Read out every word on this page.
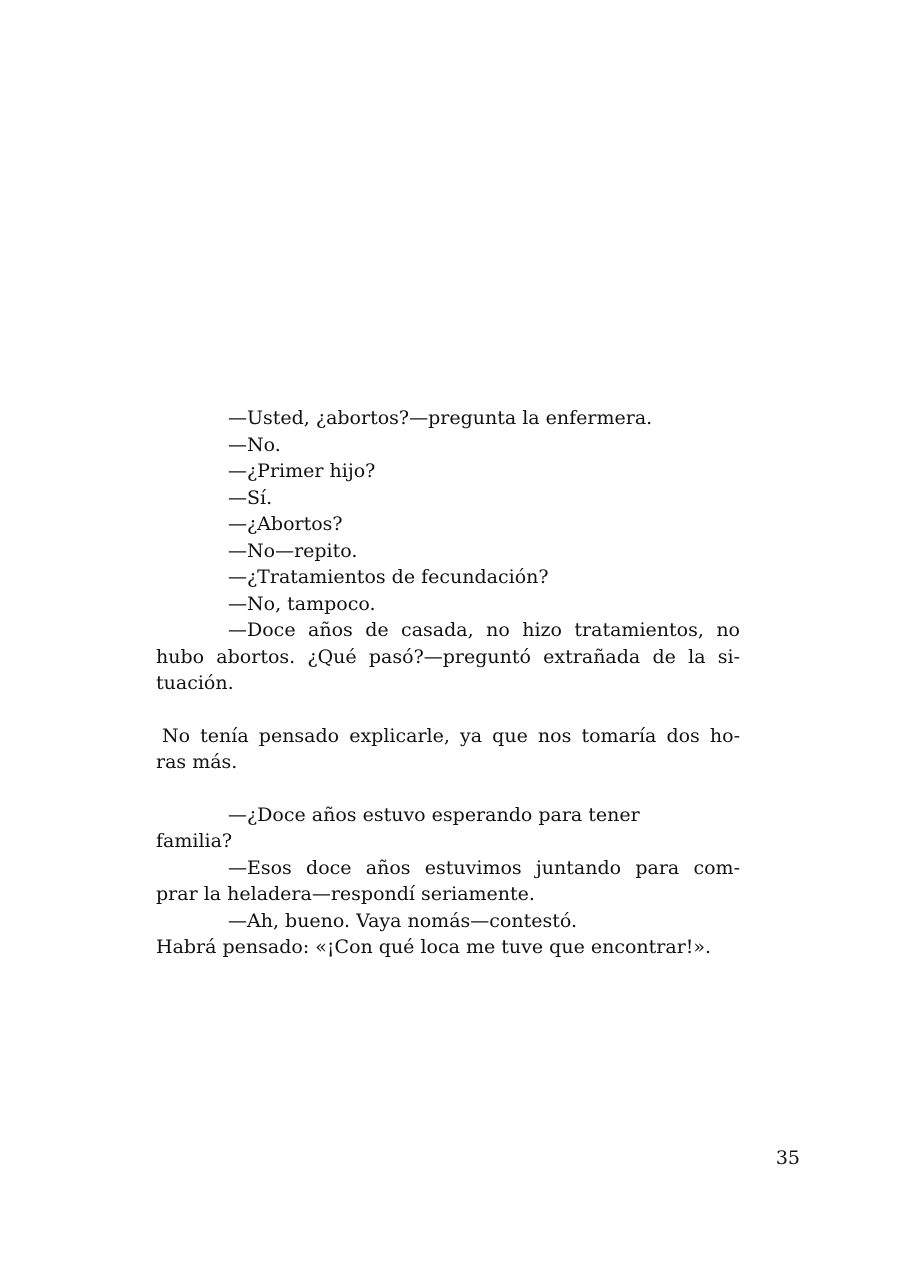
—Usted, ¿abortos?—pregunta la enfermera.
—No.
—¿Primer hijo?
—Sí.
—¿Abortos?
—No—repito.
—¿Tratamientos de fecundación?
—No, tampoco.
—Doce años de casada, no hizo tratamientos, no
hubo abortos. ¿Qué pasó?—preguntó extrañada de la si-
tuación.
No tenía pensado explicarle, ya que nos tomaría dos ho-
ras más.
—¿Doce años estuvo esperando para tener
familia?
—Esos doce años estuvimos juntando para com-
prar la heladera—respondí seriamente.
—Ah, bueno. Vaya nomás—contestó.
Habrá pensado: «¡Con qué loca me tuve que encontrar!».
35
